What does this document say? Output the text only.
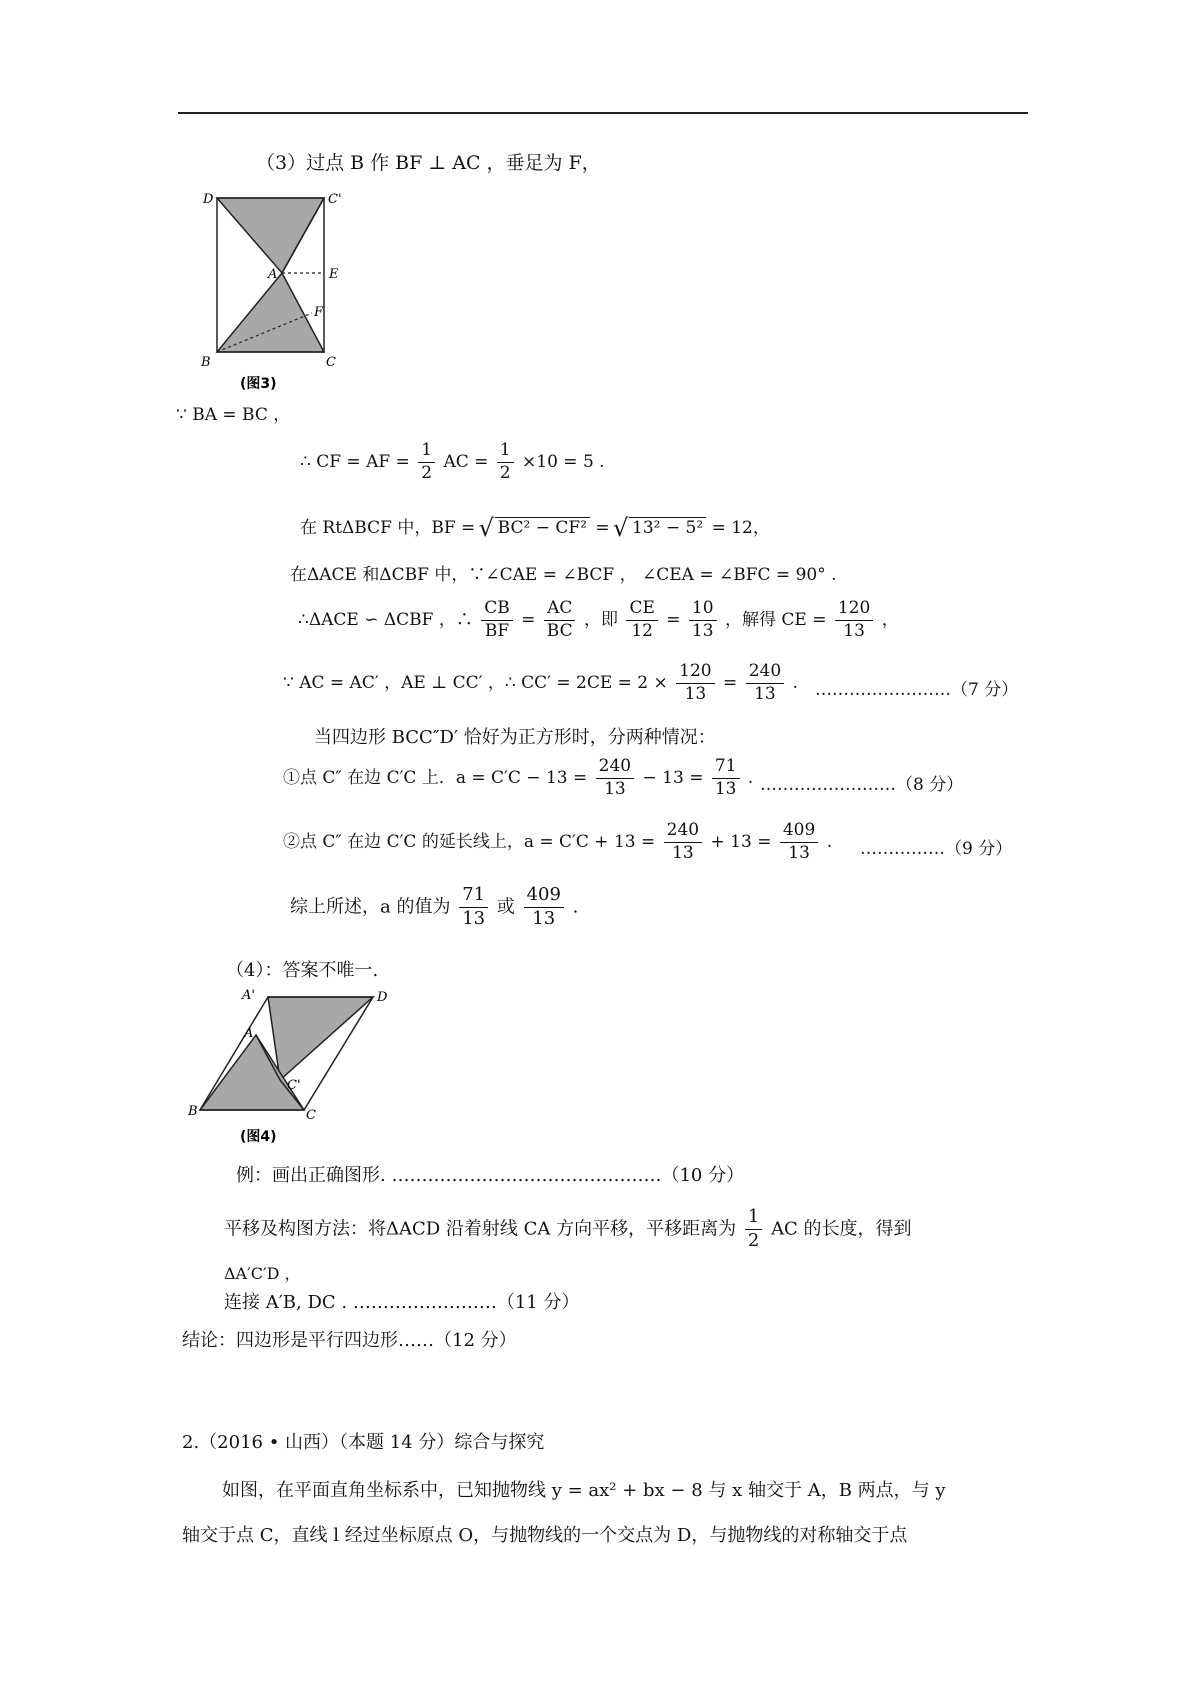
（3）过点 B 作 BF ⊥ AC ，垂足为 F，
D	C'
A	E
F
B	C
(图3)
∵ BA = BC ，
∴ CF = AF = $\frac{1}{2}$ AC = $\frac{1}{2} \times 10 = 5$ .
在 RtΔBCF 中，BF = √ BC² − CF² = √ 13² − 5² = 12，
在ΔACE 和ΔCBF 中，∵∠CAE = ∠BCF ， ∠CEA = ∠BFC = 90° .
∴ΔACE ∽ ΔCBF ，∴ $\frac{CB}{BF} = \frac{AC}{BC}$ ，即 $\frac{CE}{12} = \frac{10}{13}$ ，解得 CE = $\frac{120}{13}$ ，
∵ AC = AC′ ，AE ⊥ CC′ ，∴ $CC' = 2CE = 2 \times \frac{120}{13} = \frac{240}{13}$ . ……………………（7 分）
当四边形 BCC″D′ 恰好为正方形时，分两种情况：
①点 C″ 在边 C′C 上．$a = C'C - 13 = \frac{240}{13} - 13 = \frac{71}{13}$ . ……………………（8 分）
②点 C″ 在边 C′C 的延长线上，$a = C'C + 13 = \frac{240}{13} + 13 = \frac{409}{13}$ . ……………（9 分）
综上所述，a 的值为 $\frac{71}{13}$ 或 $\frac{409}{13}$ .
（4）：答案不唯一.
A'	D
A
C'
B	C
(图4)
例：画出正确图形. ………………………………………（10 分）
平移及构图方法：将ΔACD 沿着射线 CA 方向平移，平移距离为 $\frac{1}{2}$ AC 的长度，得到
ΔA′C′D ，
连接 A′B, DC . ……………………（11 分）
结论：四边形是平行四边形……（12 分）
2.（2016 • 山西）（本题 14 分）综合与探究
如图，在平面直角坐标系中，已知抛物线 y = ax² + bx − 8 与 x 轴交于 A，B 两点，与 y
轴交于点 C，直线 l 经过坐标原点 O，与抛物线的一个交点为 D，与抛物线的对称轴交于点
